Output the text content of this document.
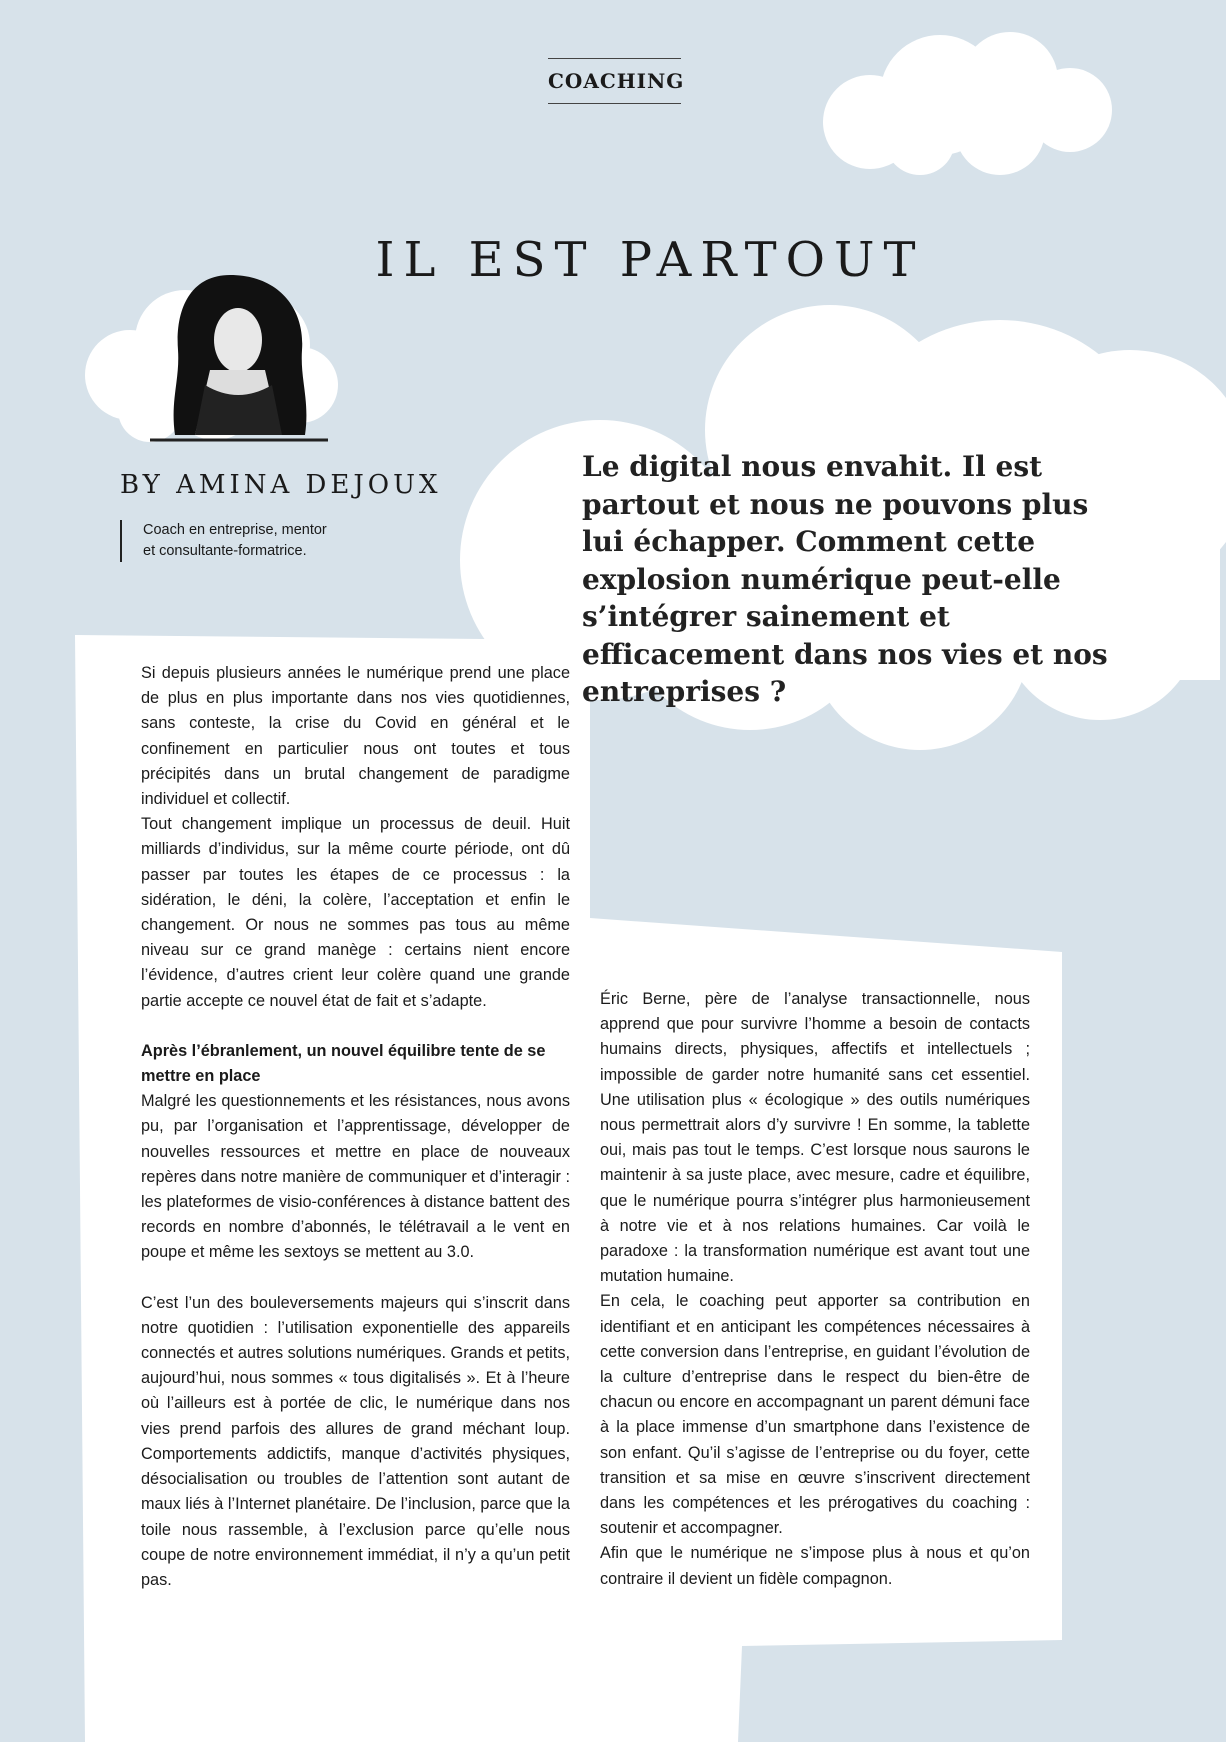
COACHING
IL EST PARTOUT
BY AMINA DEJOUX
Coach en entreprise, mentor
et consultante-formatrice.
Le digital nous envahit. Il est partout et nous ne pouvons plus lui échapper. Comment cette explosion numérique peut-elle s’intégrer sainement et efficacement dans nos vies et nos entreprises ?

Si depuis plusieurs années le numérique prend une place de plus en plus importante dans nos vies quotidiennes, sans conteste, la crise du Covid en général et le confinement en particulier nous ont toutes et tous précipités dans un brutal changement de paradigme individuel et collectif.

Tout changement implique un processus de deuil. Huit milliards d’individus, sur la même courte période, ont dû passer par toutes les étapes de ce processus : la sidération, le déni, la colère, l’acceptation et enfin le changement. Or nous ne sommes pas tous au même niveau sur ce grand manège : certains nient encore l’évidence, d’autres crient leur colère quand une grande partie accepte ce nouvel état de fait et s’adapte.

Après l’ébranlement, un nouvel équilibre tente de se mettre en place

Malgré les questionnements et les résistances, nous avons pu, par l’organisation et l’apprentissage, développer de nouvelles ressources et mettre en place de nouveaux repères dans notre manière de communiquer et d’interagir : les plateformes de visio-conférences à distance battent des records en nombre d’abonnés, le télétravail a le vent en poupe et même les sextoys se mettent au 3.0.

C’est l’un des bouleversements majeurs qui s’inscrit dans notre quotidien : l’utilisation exponentielle des appareils connectés et autres solutions numériques. Grands et petits, aujourd’hui, nous sommes « tous digitalisés ». Et à l’heure où l’ailleurs est à portée de clic, le numérique dans nos vies prend parfois des allures de grand méchant loup. Comportements addictifs, manque d’activités physiques, désocialisation ou troubles de l’attention sont autant de maux liés à l’Internet planétaire. De l’inclusion, parce que la toile nous rassemble, à l’exclusion parce qu’elle nous coupe de notre environnement immédiat, il n’y a qu’un petit pas.

Éric Berne, père de l’analyse transactionnelle, nous apprend que pour survivre l’homme a besoin de contacts humains directs, physiques, affectifs et intellectuels ; impossible de garder notre humanité sans cet essentiel. Une utilisation plus « écologique » des outils numériques nous permettrait alors d’y survivre ! En somme, la tablette oui, mais pas tout le temps. C’est lorsque nous saurons le maintenir à sa juste place, avec mesure, cadre et équilibre, que le numérique pourra s’intégrer plus harmonieusement à notre vie et à nos relations humaines. Car voilà le paradoxe : la transformation numérique est avant tout une mutation humaine.

En cela, le coaching peut apporter sa contribution en identifiant et en anticipant les compétences nécessaires à cette conversion dans l’entreprise, en guidant l’évolution de la culture d’entreprise dans le respect du bien-être de chacun ou encore en accompagnant un parent démuni face à la place immense d’un smartphone dans l’existence de son enfant. Qu’il s’agisse de l’entreprise ou du foyer, cette transition et sa mise en œuvre s’inscrivent directement dans les compétences et les prérogatives du coaching : soutenir et accompagner.

Afin que le numérique ne s’impose plus à nous et qu’on contraire il devient un fidèle compagnon.
